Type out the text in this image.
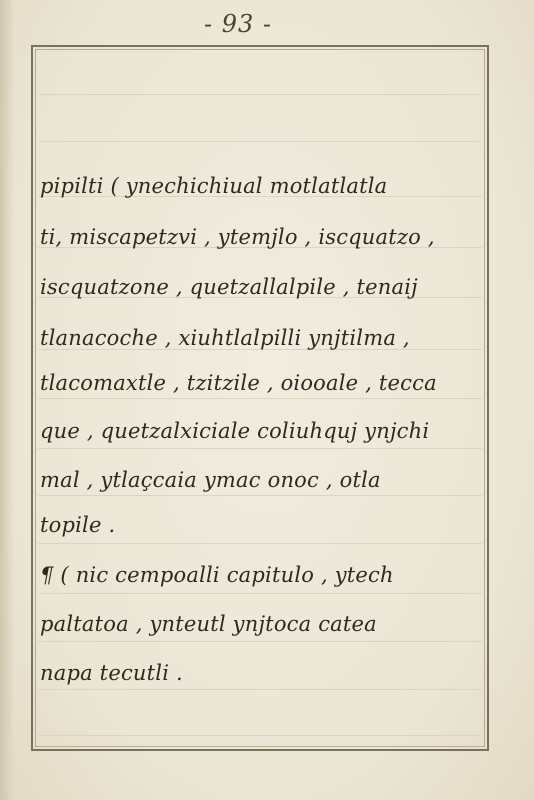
- 93 -
pipilti ( ynechichiual motlatlatla
ti, miscapetzvi , ytemjlo , iscquatzo ,
iscquatzone , quetzallalpile , tenaij
tlanacoche , xiuhtlalpilli ynjtilma ,
tlacomaxtle , tzitzile , oiooale , tecca
que , quetzalxiciale coliuhquj ynjchi
mal , ytlaçcaia ymac onoc , otla
topile .
¶ ( nic cempoalli capitulo , ytech
paltatoa , ynteutl ynjtoca catea
napa tecutli .
